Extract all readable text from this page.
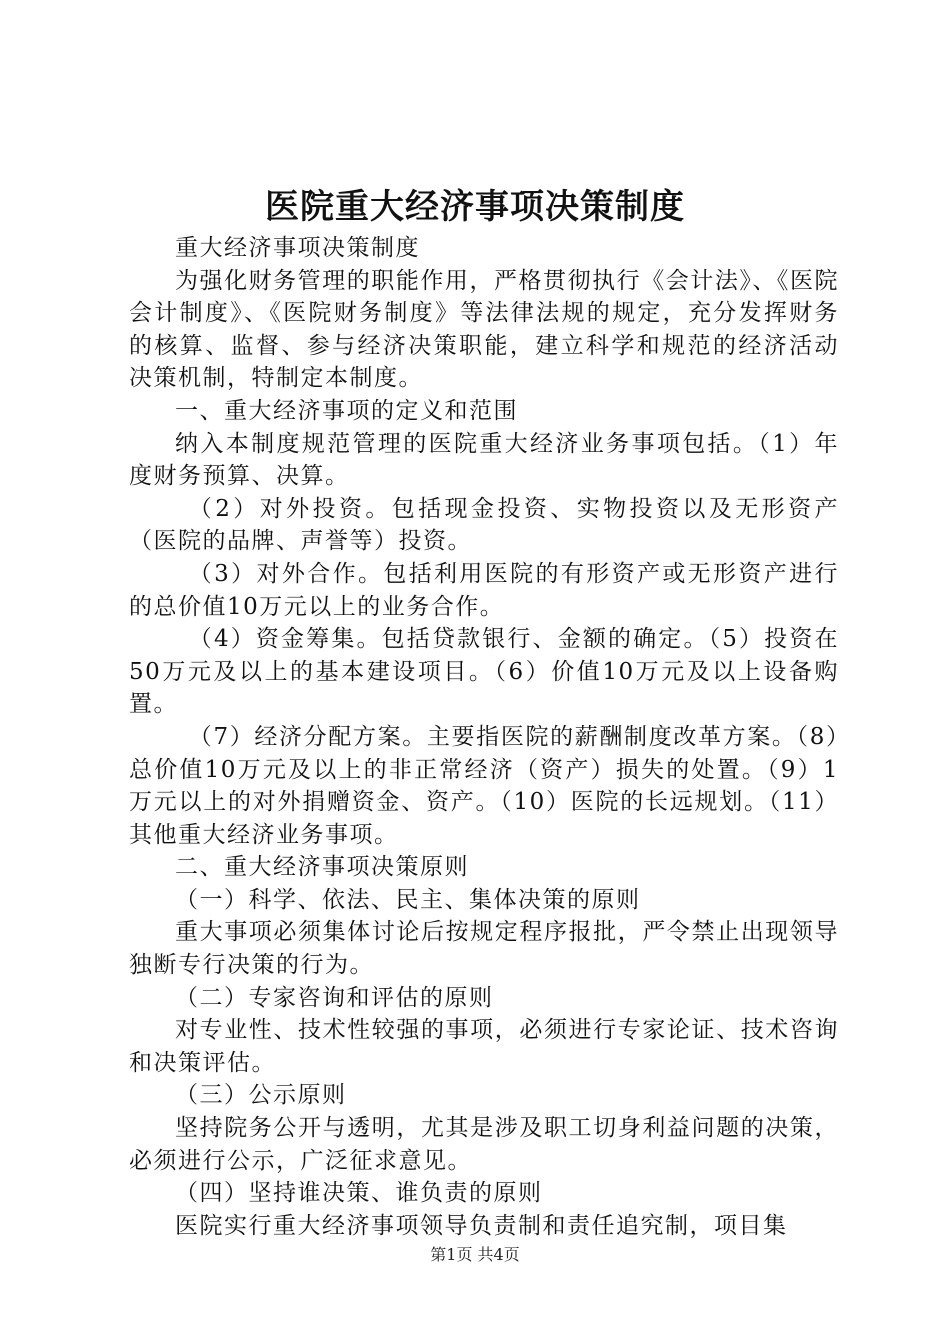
医院重大经济事项决策制度

重大经济事项决策制度

为强化财务管理的职能作用，严格贯彻执行《会计法》、《医院会计制度》、《医院财务制度》等法律法规的规定，充分发挥财务的核算、监督、参与经济决策职能，建立科学和规范的经济活动决策机制，特制定本制度。

一、重大经济事项的定义和范围

纳入本制度规范管理的医院重大经济业务事项包括。（1）年度财务预算、决算。

（2）对外投资。包括现金投资、实物投资以及无形资产（医院的品牌、声誉等）投资。

（3）对外合作。包括利用医院的有形资产或无形资产进行的总价值10万元以上的业务合作。

（4）资金筹集。包括贷款银行、金额的确定。（5）投资在50万元及以上的基本建设项目。（6）价值10万元及以上设备购置。

（7）经济分配方案。主要指医院的薪酬制度改革方案。（8）总价值10万元及以上的非正常经济（资产）损失的处置。（9）1万元以上的对外捐赠资金、资产。（10）医院的长远规划。（11）其他重大经济业务事项。

二、重大经济事项决策原则

（一）科学、依法、民主、集体决策的原则

重大事项必须集体讨论后按规定程序报批，严令禁止出现领导独断专行决策的行为。

（二）专家咨询和评估的原则

对专业性、技术性较强的事项，必须进行专家论证、技术咨询和决策评估。

（三）公示原则

坚持院务公开与透明，尤其是涉及职工切身利益问题的决策，必须进行公示，广泛征求意见。

（四）坚持谁决策、谁负责的原则

医院实行重大经济事项领导负责制和责任追究制，项目集

第1页 共4页
